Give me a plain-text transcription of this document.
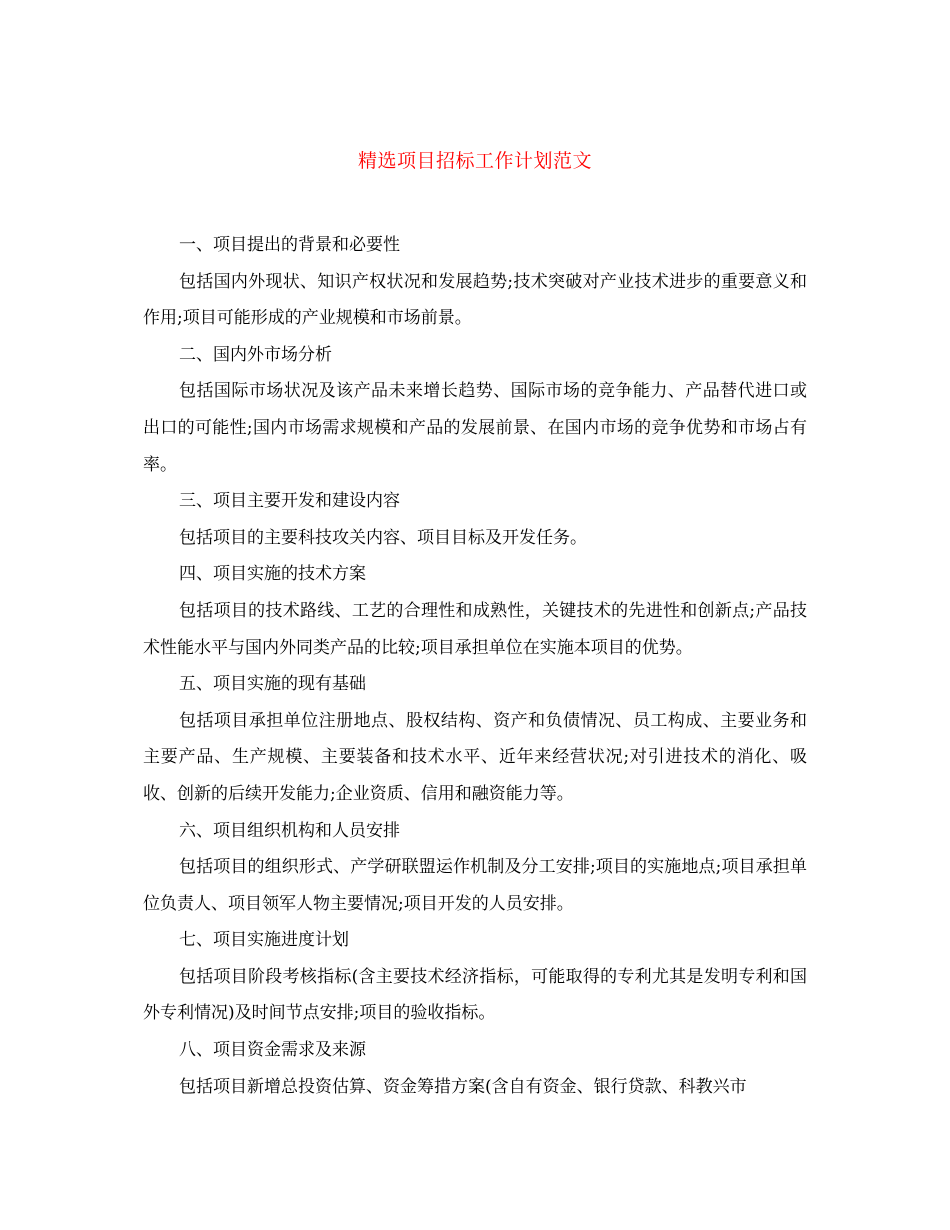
精选项目招标工作计划范文

一、项目提出的背景和必要性

包括国内外现状、知识产权状况和发展趋势;技术突破对产业技术进步的重要意义和作用;项目可能形成的产业规模和市场前景。

二、国内外市场分析

包括国际市场状况及该产品未来增长趋势、国际市场的竞争能力、产品替代进口或出口的可能性;国内市场需求规模和产品的发展前景、在国内市场的竞争优势和市场占有率。

三、项目主要开发和建设内容

包括项目的主要科技攻关内容、项目目标及开发任务。

四、项目实施的技术方案

包括项目的技术路线、工艺的合理性和成熟性，关键技术的先进性和创新点;产品技术性能水平与国内外同类产品的比较;项目承担单位在实施本项目的优势。

五、项目实施的现有基础

包括项目承担单位注册地点、股权结构、资产和负债情况、员工构成、主要业务和主要产品、生产规模、主要装备和技术水平、近年来经营状况;对引进技术的消化、吸收、创新的后续开发能力;企业资质、信用和融资能力等。

六、项目组织机构和人员安排

包括项目的组织形式、产学研联盟运作机制及分工安排;项目的实施地点;项目承担单位负责人、项目领军人物主要情况;项目开发的人员安排。

七、项目实施进度计划

包括项目阶段考核指标(含主要技术经济指标，可能取得的专利尤其是发明专利和国外专利情况)及时间节点安排;项目的验收指标。

八、项目资金需求及来源

包括项目新增总投资估算、资金筹措方案(含自有资金、银行贷款、科教兴市
